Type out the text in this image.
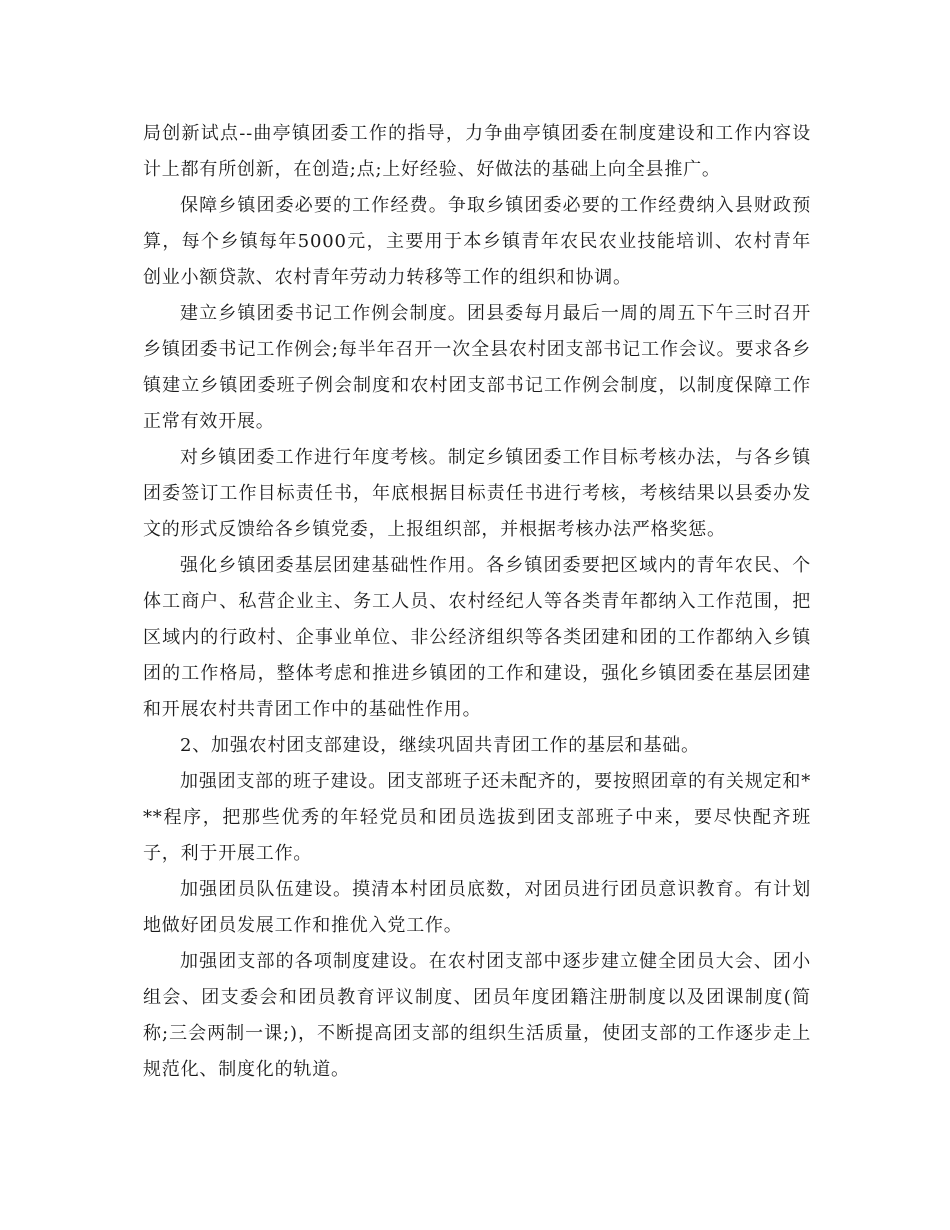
局创新试点--曲亭镇团委工作的指导，力争曲亭镇团委在制度建设和工作内容设计上都有所创新，在创造;点;上好经验、好做法的基础上向全县推广。

保障乡镇团委必要的工作经费。争取乡镇团委必要的工作经费纳入县财政预算，每个乡镇每年5000元，主要用于本乡镇青年农民农业技能培训、农村青年创业小额贷款、农村青年劳动力转移等工作的组织和协调。

建立乡镇团委书记工作例会制度。团县委每月最后一周的周五下午三时召开乡镇团委书记工作例会;每半年召开一次全县农村团支部书记工作会议。要求各乡镇建立乡镇团委班子例会制度和农村团支部书记工作例会制度，以制度保障工作正常有效开展。

对乡镇团委工作进行年度考核。制定乡镇团委工作目标考核办法，与各乡镇团委签订工作目标责任书，年底根据目标责任书进行考核，考核结果以县委办发文的形式反馈给各乡镇党委，上报组织部，并根据考核办法严格奖惩。

强化乡镇团委基层团建基础性作用。各乡镇团委要把区域内的青年农民、个体工商户、私营企业主、务工人员、农村经纪人等各类青年都纳入工作范围，把区域内的行政村、企事业单位、非公经济组织等各类团建和团的工作都纳入乡镇团的工作格局，整体考虑和推进乡镇团的工作和建设，强化乡镇团委在基层团建和开展农村共青团工作中的基础性作用。

2、加强农村团支部建设，继续巩固共青团工作的基层和基础。

加强团支部的班子建设。团支部班子还未配齐的，要按照团章的有关规定和***程序，把那些优秀的年轻党员和团员选拔到团支部班子中来，要尽快配齐班子，利于开展工作。

加强团员队伍建设。摸清本村团员底数，对团员进行团员意识教育。有计划地做好团员发展工作和推优入党工作。

加强团支部的各项制度建设。在农村团支部中逐步建立健全团员大会、团小组会、团支委会和团员教育评议制度、团员年度团籍注册制度以及团课制度(简称;三会两制一课;)，不断提高团支部的组织生活质量，使团支部的工作逐步走上规范化、制度化的轨道。
